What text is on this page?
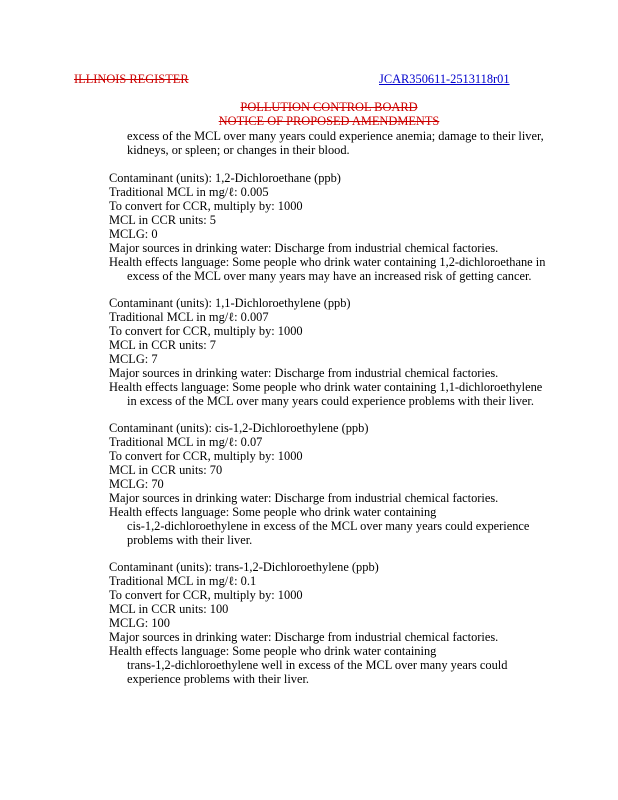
ILLINOIS REGISTER	JCAR350611-2513118r01
POLLUTION CONTROL BOARD
NOTICE OF PROPOSED AMENDMENTS
excess of the MCL over many years could experience anemia; damage to their liver,
kidneys, or spleen; or changes in their blood.
Contaminant (units): 1,2-Dichloroethane (ppb)
Traditional MCL in mg/ℓ: 0.005
To convert for CCR, multiply by: 1000
MCL in CCR units: 5
MCLG: 0
Major sources in drinking water: Discharge from industrial chemical factories.
Health effects language: Some people who drink water containing 1,2-dichloroethane in
excess of the MCL over many years may have an increased risk of getting cancer.
Contaminant (units): 1,1-Dichloroethylene (ppb)
Traditional MCL in mg/ℓ: 0.007
To convert for CCR, multiply by: 1000
MCL in CCR units: 7
MCLG: 7
Major sources in drinking water: Discharge from industrial chemical factories.
Health effects language: Some people who drink water containing 1,1-dichloroethylene
in excess of the MCL over many years could experience problems with their liver.
Contaminant (units): cis-1,2-Dichloroethylene (ppb)
Traditional MCL in mg/ℓ: 0.07
To convert for CCR, multiply by: 1000
MCL in CCR units: 70
MCLG: 70
Major sources in drinking water: Discharge from industrial chemical factories.
Health effects language: Some people who drink water containing
cis-1,2-dichloroethylene in excess of the MCL over many years could experience
problems with their liver.
Contaminant (units): trans-1,2-Dichloroethylene (ppb)
Traditional MCL in mg/ℓ: 0.1
To convert for CCR, multiply by: 1000
MCL in CCR units: 100
MCLG: 100
Major sources in drinking water: Discharge from industrial chemical factories.
Health effects language: Some people who drink water containing
trans-1,2-dichloroethylene well in excess of the MCL over many years could
experience problems with their liver.
